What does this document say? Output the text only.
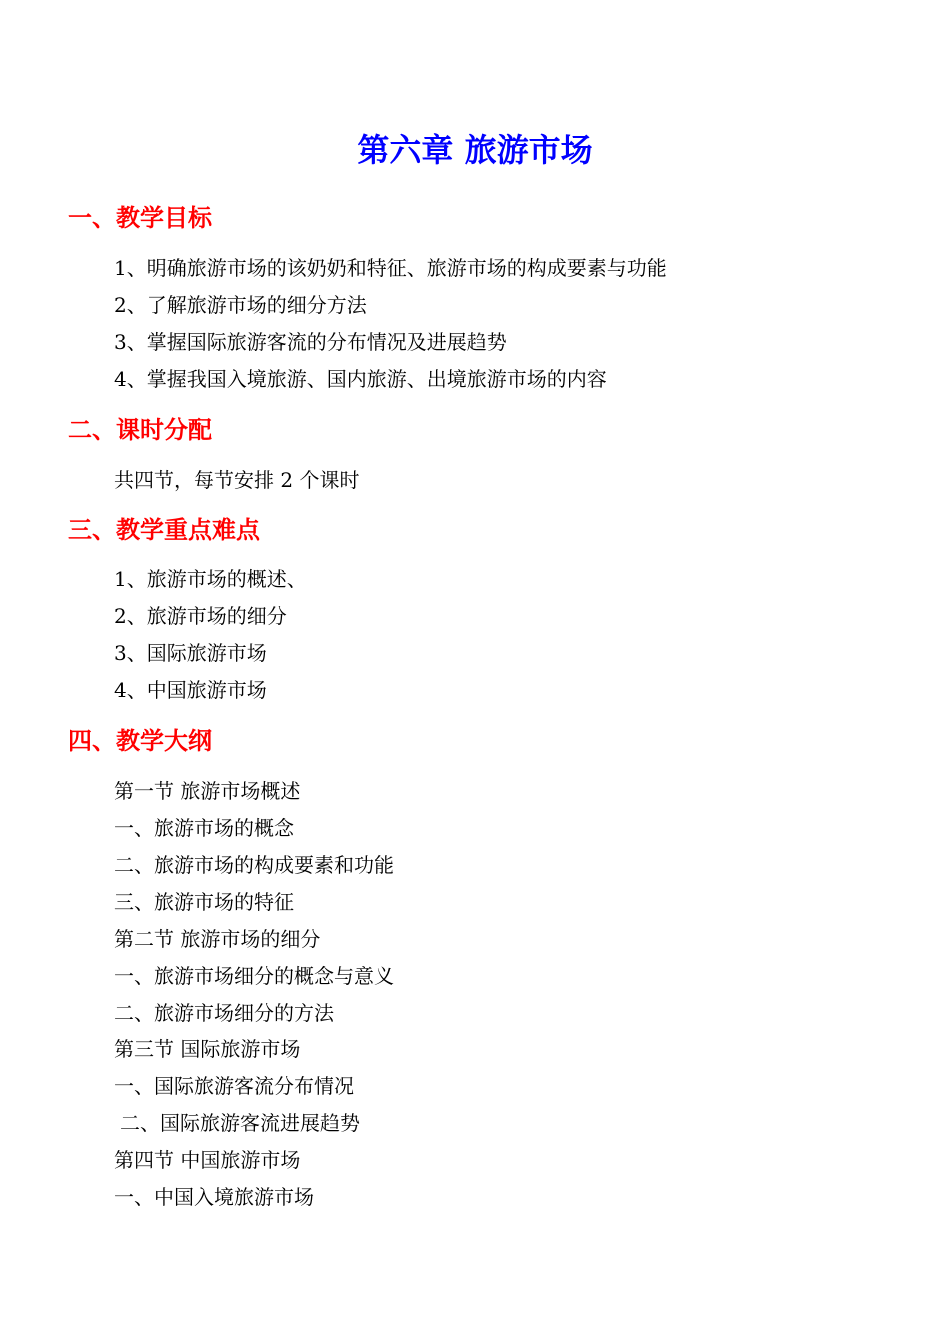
第六章 旅游市场
一、教学目标

1、明确旅游市场的该奶奶和特征、旅游市场的构成要素与功能

2、了解旅游市场的细分方法

3、掌握国际旅游客流的分布情况及进展趋势

4、掌握我国入境旅游、国内旅游、出境旅游市场的内容

二、课时分配

共四节，每节安排 2 个课时

三、教学重点难点

1、旅游市场的概述、

2、旅游市场的细分

3、国际旅游市场

4、中国旅游市场

四、教学大纲

第一节 旅游市场概述

一、旅游市场的概念

二、旅游市场的构成要素和功能

三、旅游市场的特征

第二节 旅游市场的细分

一、旅游市场细分的概念与意义

二、旅游市场细分的方法

第三节 国际旅游市场

一、国际旅游客流分布情况

二、国际旅游客流进展趋势

第四节 中国旅游市场

一、中国入境旅游市场
